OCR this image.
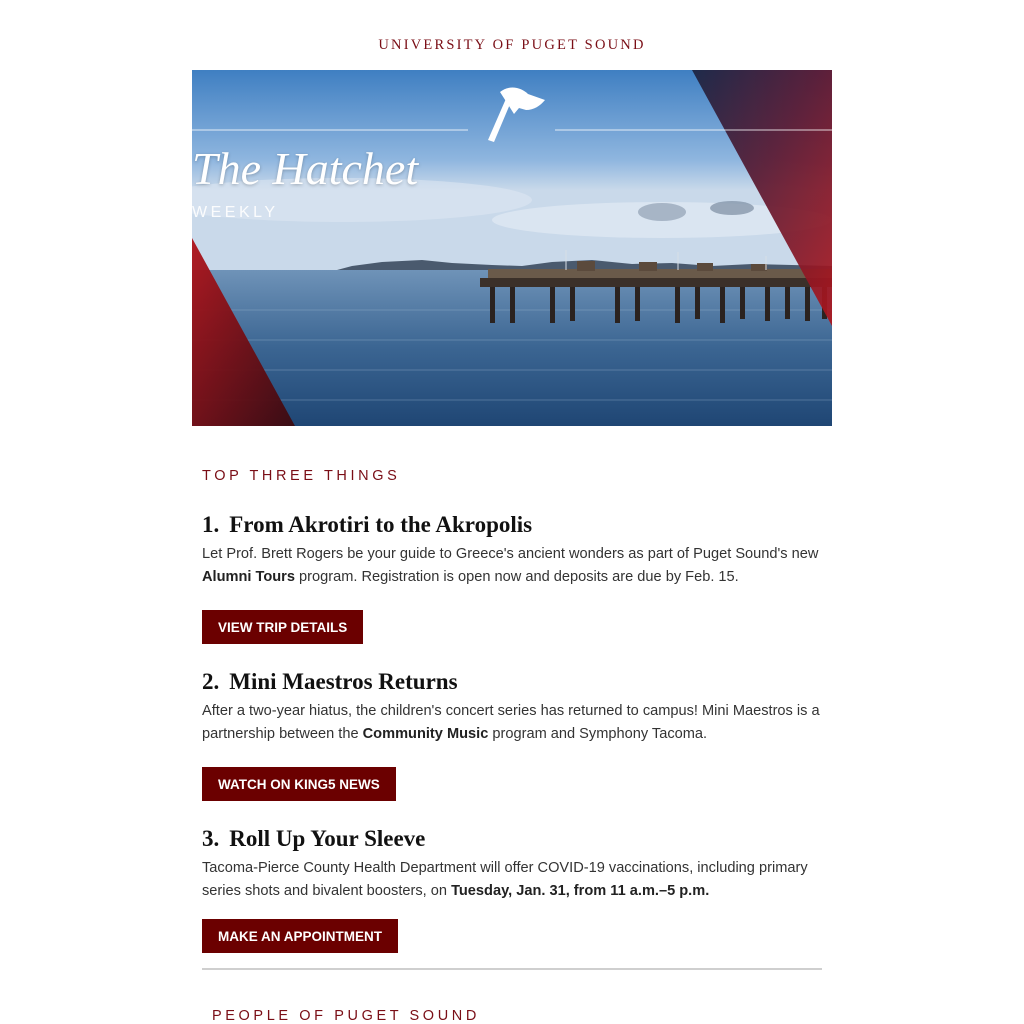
UNIVERSITY OF PUGET SOUND
The Hatchet
WEEKLY
TOP THREE THINGS
1. From Akrotiri to the Akropolis
Let Prof. Brett Rogers be your guide to Greece's ancient wonders as part of Puget Sound's new Alumni Tours program. Registration is open now and deposits are due by Feb. 15.
VIEW TRIP DETAILS
2. Mini Maestros Returns
After a two-year hiatus, the children's concert series has returned to campus! Mini Maestros is a partnership between the Community Music program and Symphony Tacoma.
WATCH ON KING5 NEWS
3. Roll Up Your Sleeve
Tacoma-Pierce County Health Department will offer COVID-19 vaccinations, including primary series shots and bivalent boosters, on Tuesday, Jan. 31, from 11 a.m.–5 p.m.
MAKE AN APPOINTMENT
PEOPLE OF PUGET SOUND
